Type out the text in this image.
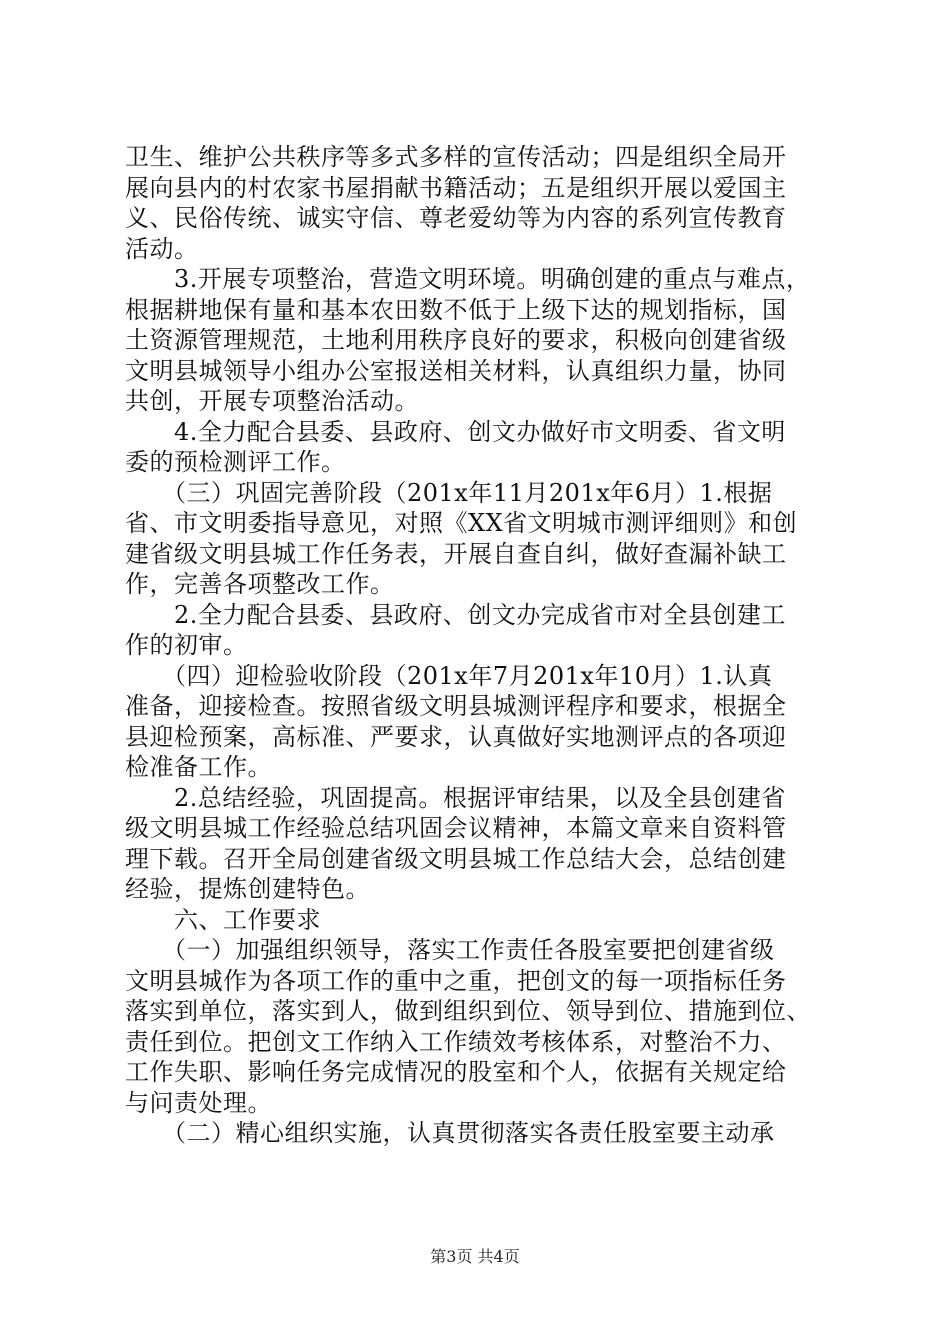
卫生、维护公共秩序等多式多样的宣传活动；四是组织全局开
展向县内的村农家书屋捐献书籍活动；五是组织开展以爱国主
义、民俗传统、诚实守信、尊老爱幼等为内容的系列宣传教育
活动。
　　3.开展专项整治，营造文明环境。明确创建的重点与难点，
根据耕地保有量和基本农田数不低于上级下达的规划指标，国
土资源管理规范，土地利用秩序良好的要求，积极向创建省级
文明县城领导小组办公室报送相关材料，认真组织力量，协同
共创，开展专项整治活动。
　　4.全力配合县委、县政府、创文办做好市文明委、省文明
委的预检测评工作。
　　（三）巩固完善阶段（201x年11月201x年6月）1.根据
省、市文明委指导意见，对照《XX省文明城市测评细则》和创
建省级文明县城工作任务表，开展自查自纠，做好查漏补缺工
作，完善各项整改工作。
　　2.全力配合县委、县政府、创文办完成省市对全县创建工
作的初审。
　　（四）迎检验收阶段（201x年7月201x年10月）1.认真
准备，迎接检查。按照省级文明县城测评程序和要求，根据全
县迎检预案，高标准、严要求，认真做好实地测评点的各项迎
检准备工作。
　　2.总结经验，巩固提高。根据评审结果，以及全县创建省
级文明县城工作经验总结巩固会议精神，本篇文章来自资料管
理下载。召开全局创建省级文明县城工作总结大会，总结创建
经验，提炼创建特色。
　　六、工作要求
　　（一）加强组织领导，落实工作责任各股室要把创建省级
文明县城作为各项工作的重中之重，把创文的每一项指标任务
落实到单位，落实到人，做到组织到位、领导到位、措施到位、
责任到位。把创文工作纳入工作绩效考核体系，对整治不力、
工作失职、影响任务完成情况的股室和个人，依据有关规定给
与问责处理。
　　（二）精心组织实施，认真贯彻落实各责任股室要主动承
第3页 共4页
